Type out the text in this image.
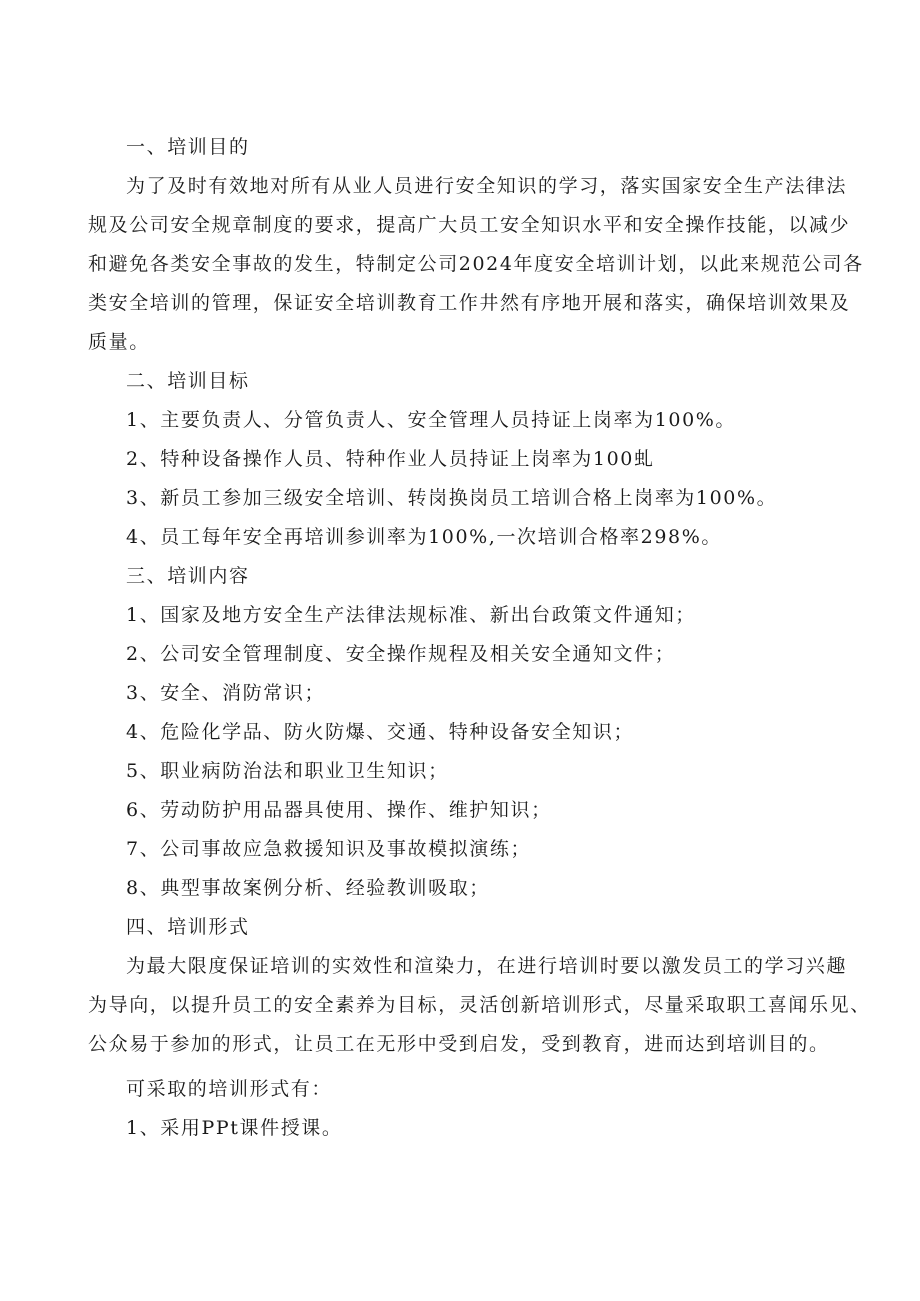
一、培训目的
为了及时有效地对所有从业人员进行安全知识的学习，落实国家安全生产法律法
规及公司安全规章制度的要求，提高广大员工安全知识水平和安全操作技能，以减少
和避免各类安全事故的发生，特制定公司2024年度安全培训计划，以此来规范公司各
类安全培训的管理，保证安全培训教育工作井然有序地开展和落实，确保培训效果及
质量。
二、培训目标
1、主要负责人、分管负责人、安全管理人员持证上岗率为100%。
2、特种设备操作人员、特种作业人员持证上岗率为100虬
3、新员工参加三级安全培训、转岗换岗员工培训合格上岗率为100%。
4、员工每年安全再培训参训率为100%,一次培训合格率298%。
三、培训内容
1、国家及地方安全生产法律法规标准、新出台政策文件通知；
2、公司安全管理制度、安全操作规程及相关安全通知文件；
3、安全、消防常识；
4、危险化学品、防火防爆、交通、特种设备安全知识；
5、职业病防治法和职业卫生知识；
6、劳动防护用品器具使用、操作、维护知识；
7、公司事故应急救援知识及事故模拟演练；
8、典型事故案例分析、经验教训吸取；
四、培训形式
为最大限度保证培训的实效性和渲染力，在进行培训时要以激发员工的学习兴趣
为导向，以提升员工的安全素养为目标，灵活创新培训形式，尽量采取职工喜闻乐见、
公众易于参加的形式，让员工在无形中受到启发，受到教育，进而达到培训目的。
可采取的培训形式有：
1、采用PPt课件授课。
